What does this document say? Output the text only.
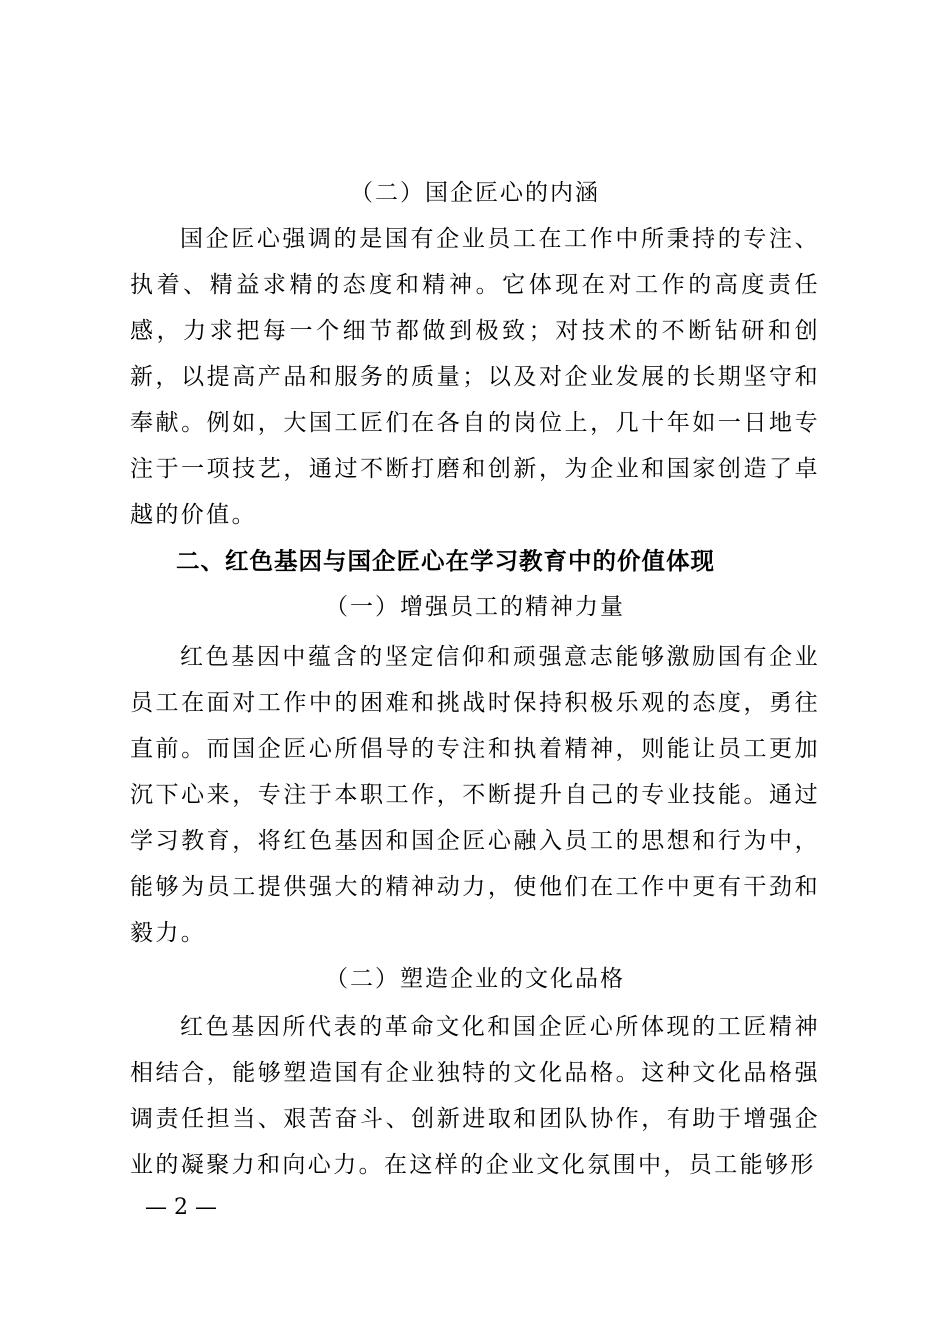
（二）国企匠心的内涵

国企匠心强调的是国有企业员工在工作中所秉持的专注、执着、精益求精的态度和精神。它体现在对工作的高度责任感，力求把每一个细节都做到极致；对技术的不断钻研和创新，以提高产品和服务的质量；以及对企业发展的长期坚守和奉献。例如，大国工匠们在各自的岗位上，几十年如一日地专注于一项技艺，通过不断打磨和创新，为企业和国家创造了卓越的价值。

二、红色基因与国企匠心在学习教育中的价值体现
（一）增强员工的精神力量

红色基因中蕴含的坚定信仰和顽强意志能够激励国有企业员工在面对工作中的困难和挑战时保持积极乐观的态度，勇往直前。而国企匠心所倡导的专注和执着精神，则能让员工更加沉下心来，专注于本职工作，不断提升自己的专业技能。通过学习教育，将红色基因和国企匠心融入员工的思想和行为中，能够为员工提供强大的精神动力，使他们在工作中更有干劲和毅力。

（二）塑造企业的文化品格

红色基因所代表的革命文化和国企匠心所体现的工匠精神相结合，能够塑造国有企业独特的文化品格。这种文化品格强调责任担当、艰苦奋斗、创新进取和团队协作，有助于增强企业的凝聚力和向心力。在这样的企业文化氛围中，员工能够形

— 2 —
